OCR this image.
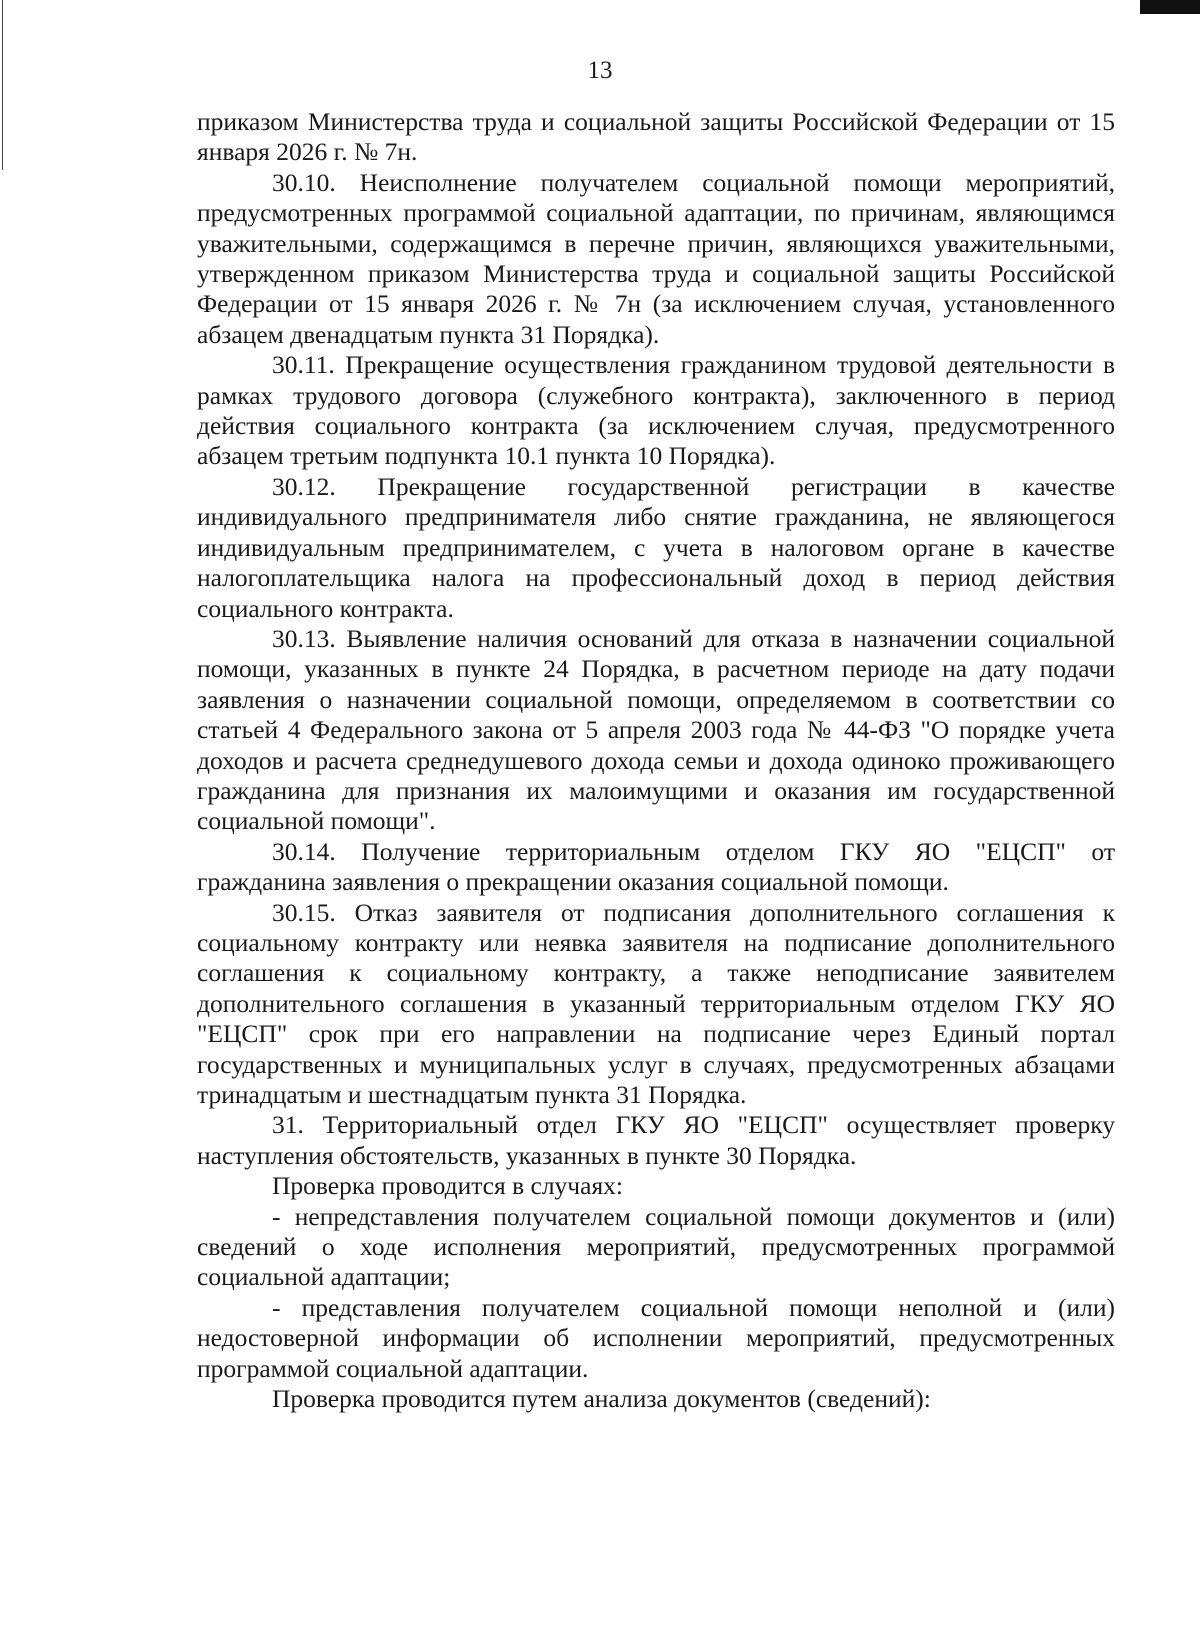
13

приказом Министерства труда и социальной защиты Российской Федерации от 15 января 2026 г. № 7н.

30.10. Неисполнение получателем социальной помощи мероприятий, предусмотренных программой социальной адаптации, по причинам, являющимся уважительными, содержащимся в перечне причин, являющихся уважительными, утвержденном приказом Министерства труда и социальной защиты Российской Федерации от 15 января 2026 г. № 7н (за исключением случая, установленного абзацем двенадцатым пункта 31 Порядка).

30.11. Прекращение осуществления гражданином трудовой деятельности в рамках трудового договора (служебного контракта), заключенного в период действия социального контракта (за исключением случая, предусмотренного абзацем третьим подпункта 10.1 пункта 10 Порядка).

30.12. Прекращение государственной регистрации в качестве индивидуального предпринимателя либо снятие гражданина, не являющегося индивидуальным предпринимателем, с учета в налоговом органе в качестве налогоплательщика налога на профессиональный доход в период действия социального контракта.

30.13. Выявление наличия оснований для отказа в назначении социальной помощи, указанных в пункте 24 Порядка, в расчетном периоде на дату подачи заявления о назначении социальной помощи, определяемом в соответствии со статьей 4 Федерального закона от 5 апреля 2003 года № 44-ФЗ "О порядке учета доходов и расчета среднедушевого дохода семьи и дохода одиноко проживающего гражданина для признания их малоимущими и оказания им государственной социальной помощи".

30.14. Получение территориальным отделом ГКУ ЯО "ЕЦСП" от гражданина заявления о прекращении оказания социальной помощи.

30.15. Отказ заявителя от подписания дополнительного соглашения к социальному контракту или неявка заявителя на подписание дополнительного соглашения к социальному контракту, а также неподписание заявителем дополнительного соглашения в указанный территориальным отделом ГКУ ЯО "ЕЦСП" срок при его направлении на подписание через Единый портал государственных и муниципальных услуг в случаях, предусмотренных абзацами тринадцатым и шестнадцатым пункта 31 Порядка.

31. Территориальный отдел ГКУ ЯО "ЕЦСП" осуществляет проверку наступления обстоятельств, указанных в пункте 30 Порядка.

Проверка проводится в случаях:

- непредставления получателем социальной помощи документов и (или) сведений о ходе исполнения мероприятий, предусмотренных программой социальной адаптации;

- представления получателем социальной помощи неполной и (или) недостоверной информации об исполнении мероприятий, предусмотренных программой социальной адаптации.

Проверка проводится путем анализа документов (сведений):
